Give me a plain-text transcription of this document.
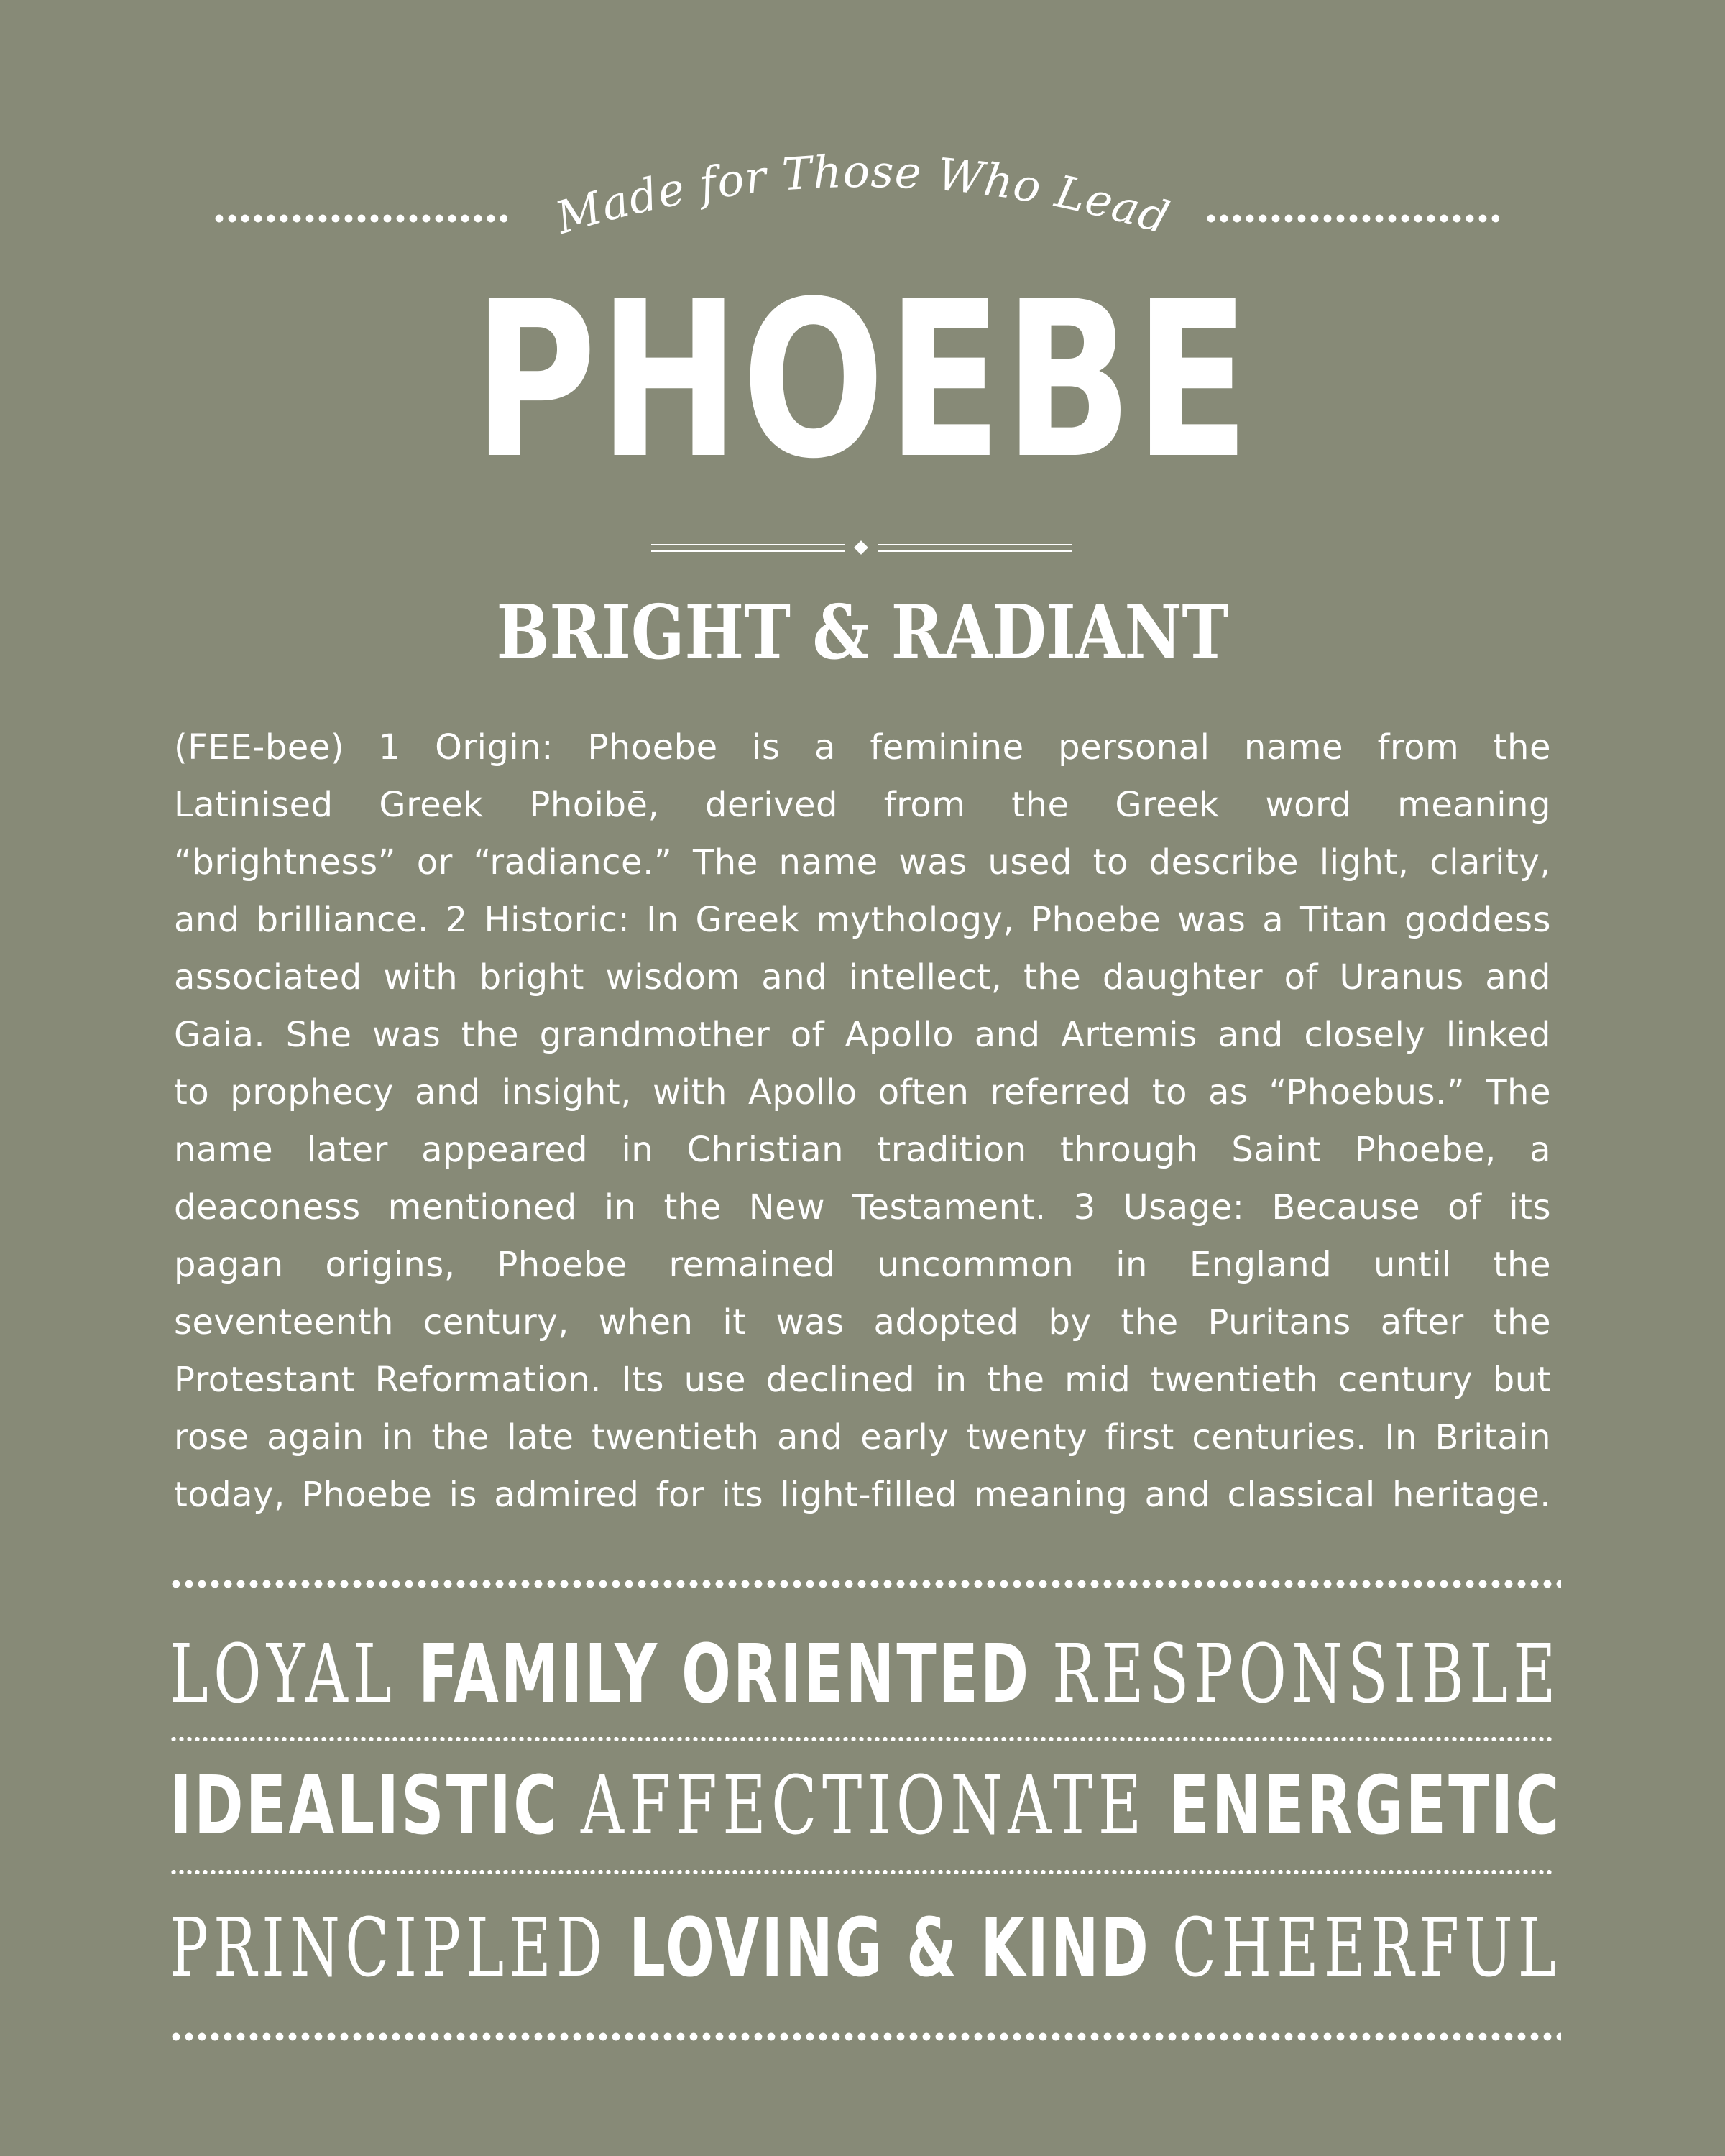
Made for Those Who Lead
PHOEBE
BRIGHT & RADIANT
(FEE-bee) 1 Origin: Phoebe is a feminine personal name from the
Latinised Greek Phoibē, derived from the Greek word meaning
“brightness” or “radiance.” The name was used to describe light, clarity,
and brilliance. 2 Historic: In Greek mythology, Phoebe was a Titan goddess
associated with bright wisdom and intellect, the daughter of Uranus and
Gaia. She was the grandmother of Apollo and Artemis and closely linked
to prophecy and insight, with Apollo often referred to as “Phoebus.” The
name later appeared in Christian tradition through Saint Phoebe, a
deaconess mentioned in the New Testament. 3 Usage: Because of its
pagan origins, Phoebe remained uncommon in England until the
seventeenth century, when it was adopted by the Puritans after the
Protestant Reformation. Its use declined in the mid twentieth century but
rose again in the late twentieth and early twenty first centuries. In Britain
today, Phoebe is admired for its light-filled meaning and classical heritage.
LOYAL FAMILY ORIENTED RESPONSIBLE
IDEALISTIC AFFECTIONATE ENERGETIC
PRINCIPLED LOVING & KIND CHEERFUL
